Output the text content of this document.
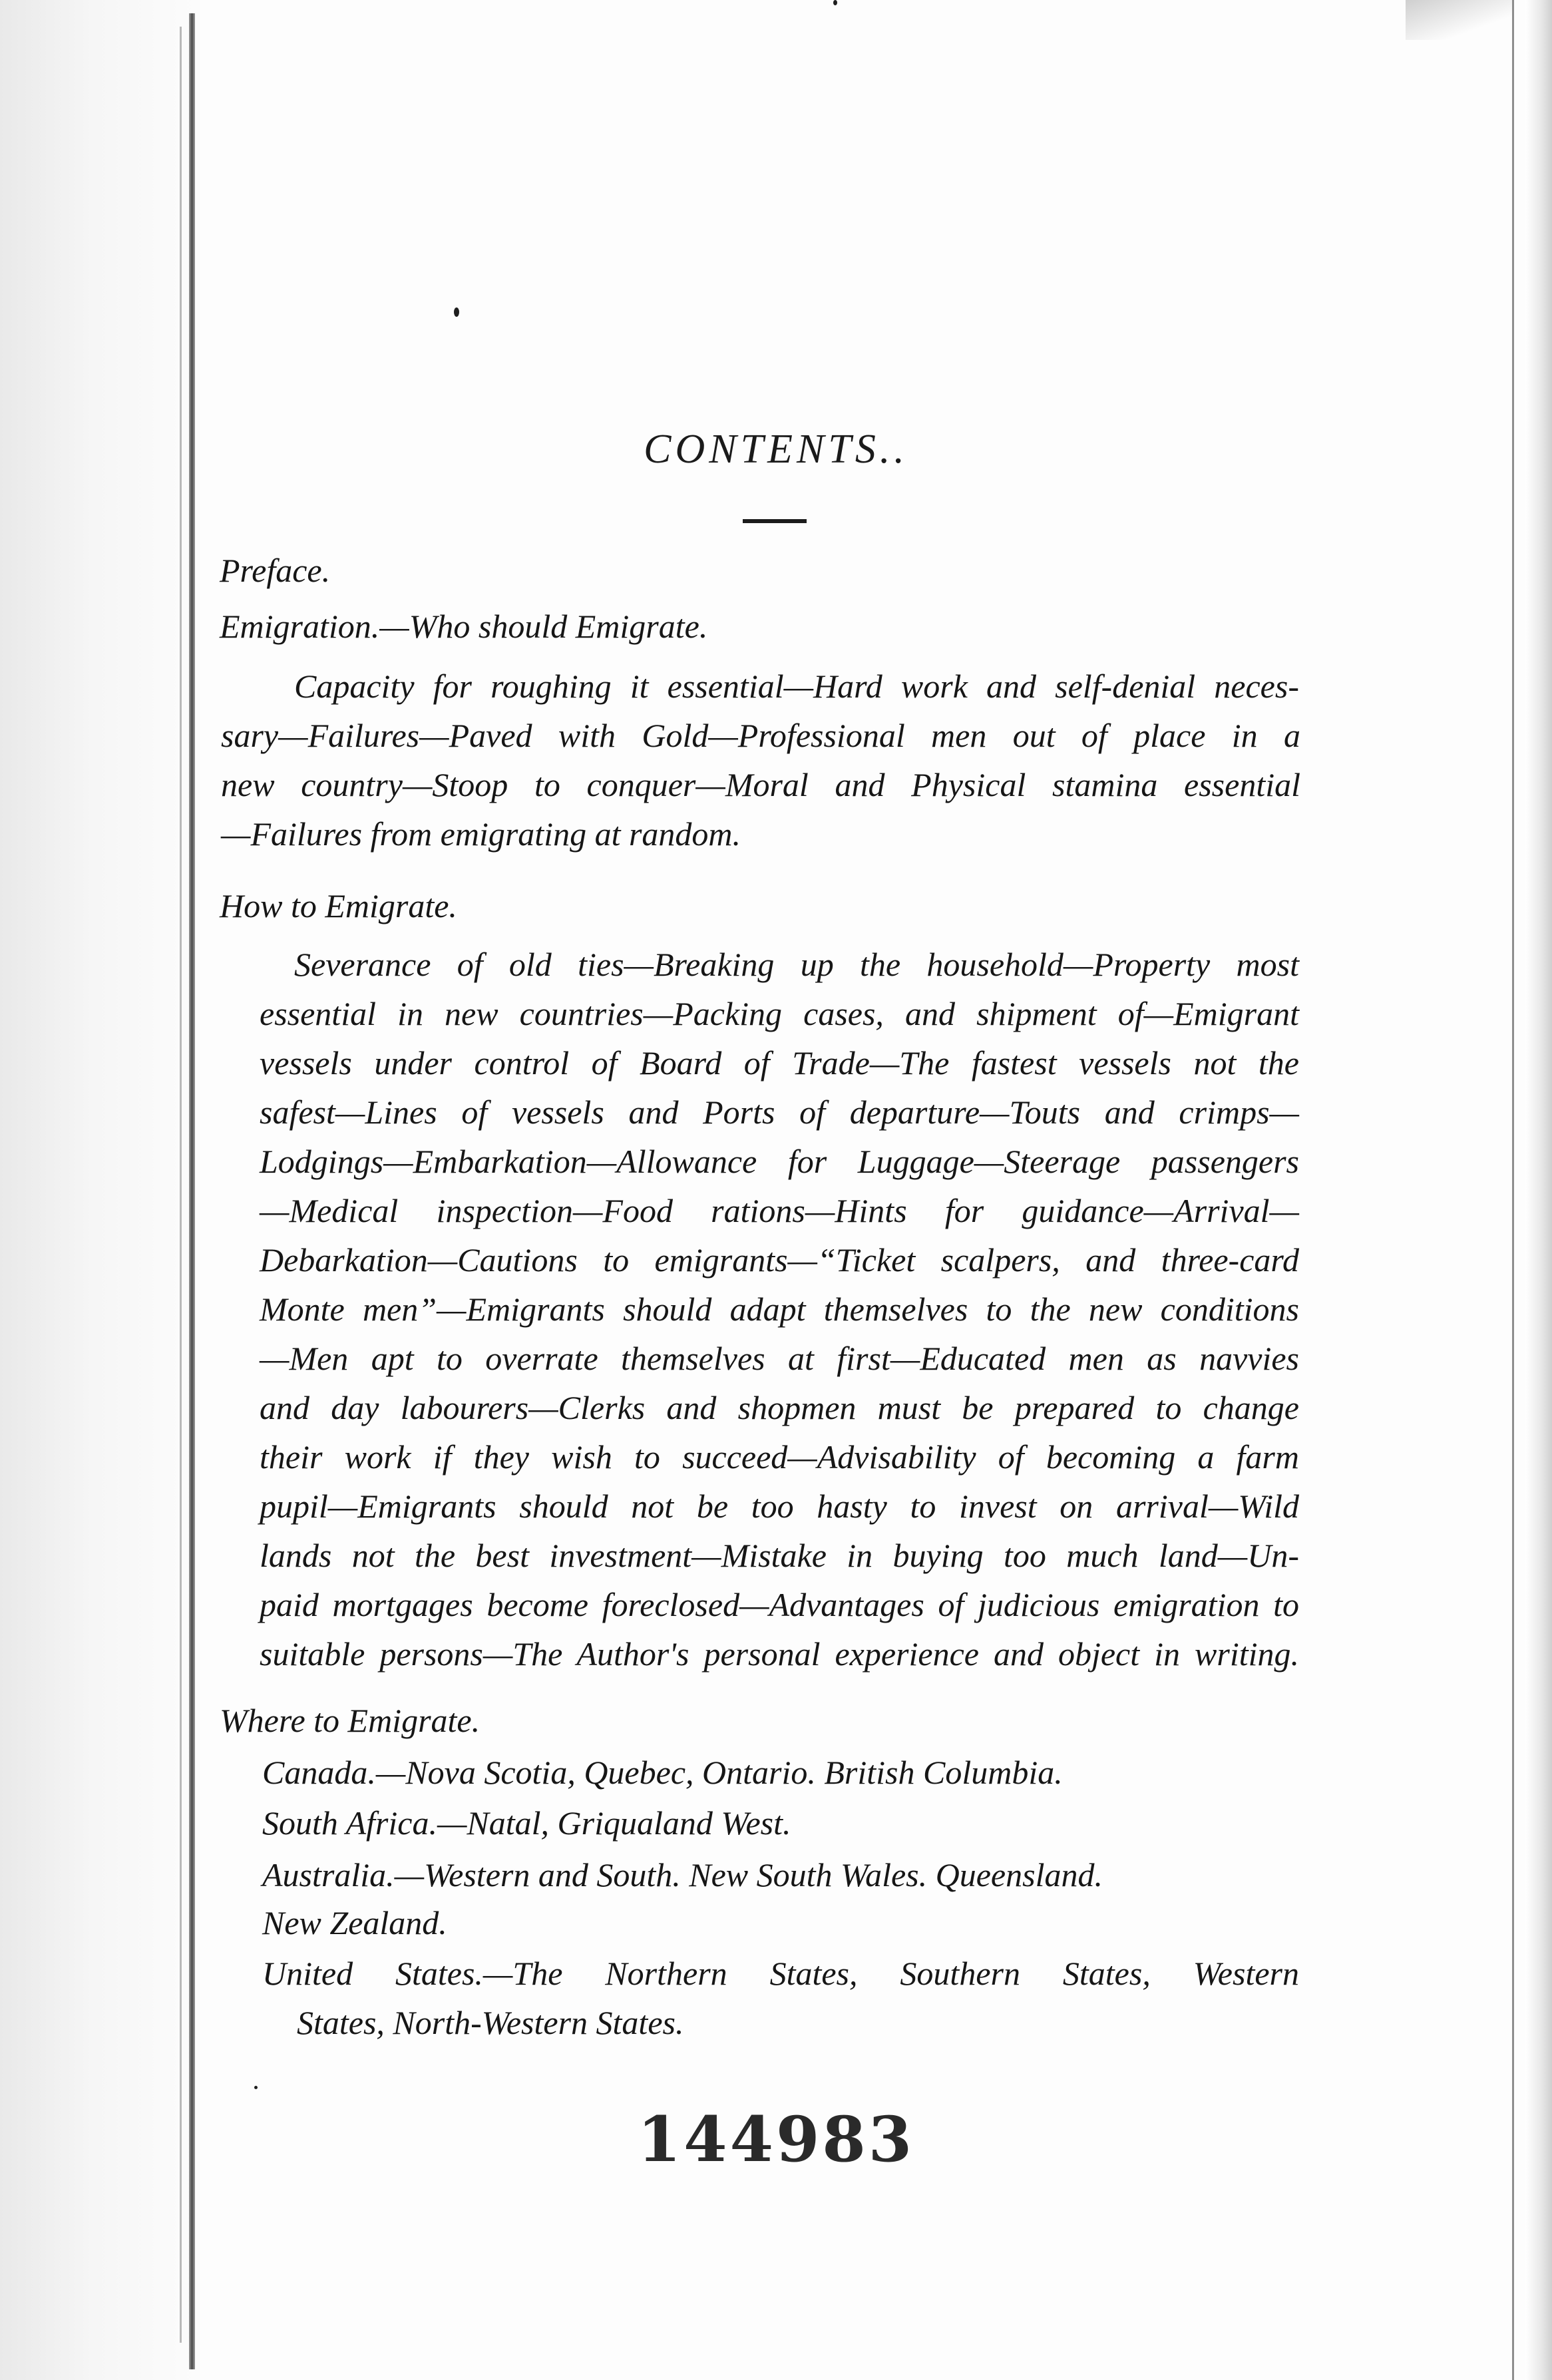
CONTENTS..
Preface.
Emigration.—Who should Emigrate.
Capacity for roughing it essential—Hard work and self-denial neces-
sary—Failures—Paved with Gold—Professional men out of place in a
new country—Stoop to conquer—Moral and Physical stamina essential
—Failures from emigrating at random.
How to Emigrate.
Severance of old ties—Breaking up the household—Property most
essential in new countries—Packing cases, and shipment of—Emigrant
vessels under control of Board of Trade—The fastest vessels not the
safest—Lines of vessels and Ports of departure—Touts and crimps—
Lodgings—Embarkation—Allowance for Luggage—Steerage passengers
—Medical inspection—Food rations—Hints for guidance—Arrival—
Debarkation—Cautions to emigrants—“Ticket scalpers, and three-card
Monte men”—Emigrants should adapt themselves to the new conditions
—Men apt to overrate themselves at first—Educated men as navvies
and day labourers—Clerks and shopmen must be prepared to change
their work if they wish to succeed—Advisability of becoming a farm
pupil—Emigrants should not be too hasty to invest on arrival—Wild
lands not the best investment—Mistake in buying too much land—Un-
paid mortgages become foreclosed—Advantages of judicious emigration to
suitable persons—The Author's personal experience and object in writing.
Where to Emigrate.
Canada.—Nova Scotia, Quebec, Ontario. British Columbia.
South Africa.—Natal, Griqualand West.
Australia.—Western and South. New South Wales. Queensland.
New Zealand.
United States.—The Northern States, Southern States, Western
States, North-Western States.
144983
